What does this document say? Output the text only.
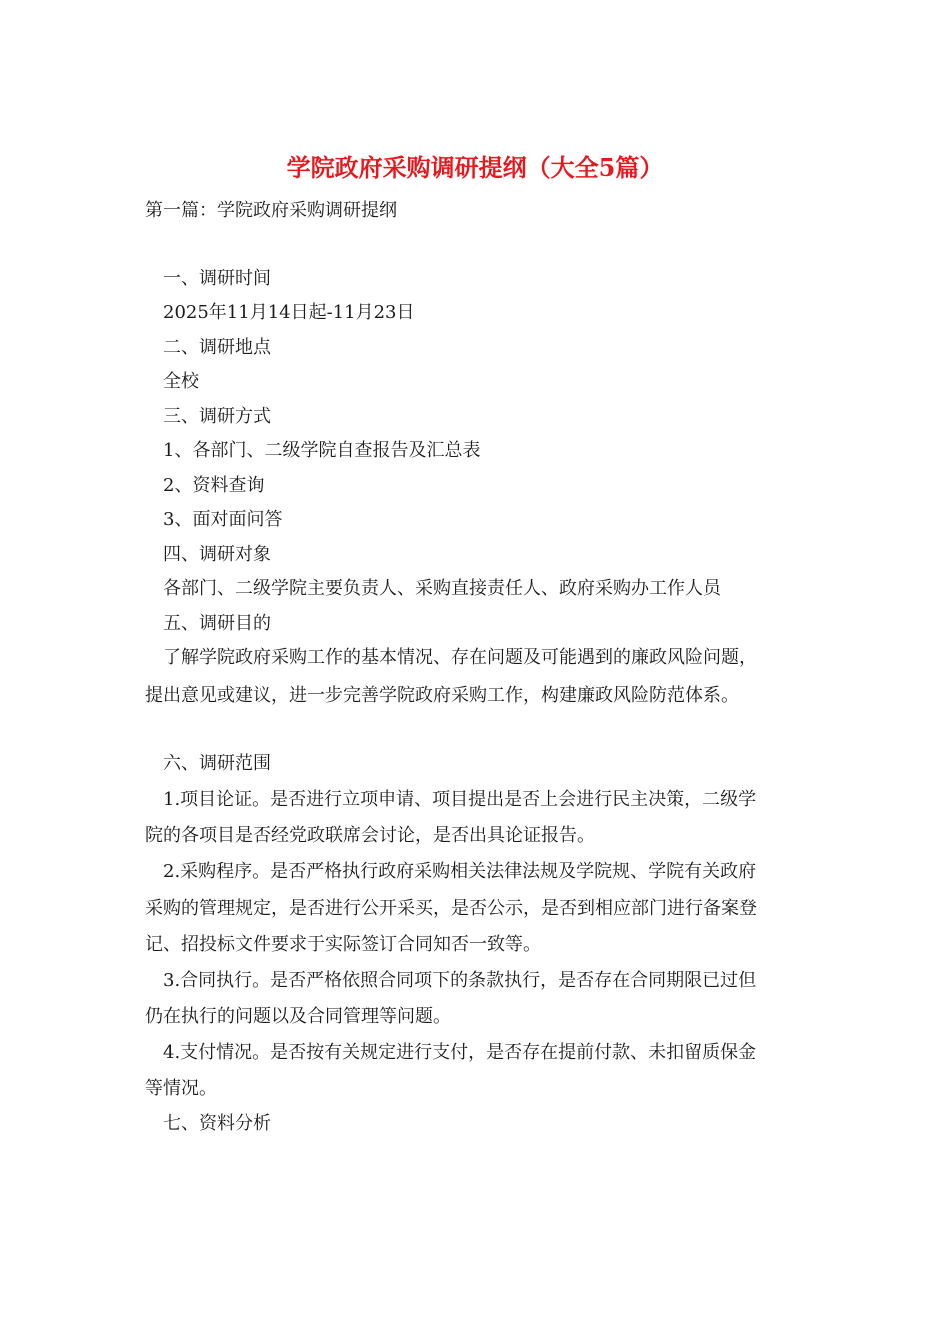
学院政府采购调研提纲（大全5篇）
第一篇：学院政府采购调研提纲
一、调研时间
2025年11月14日起-11月23日
二、调研地点
全校
三、调研方式
1、各部门、二级学院自查报告及汇总表
2、资料查询
3、面对面问答
四、调研对象
各部门、二级学院主要负责人、采购直接责任人、政府采购办工作人员
五、调研目的
了解学院政府采购工作的基本情况、存在问题及可能遇到的廉政风险问题，
提出意见或建议，进一步完善学院政府采购工作，构建廉政风险防范体系。
六、调研范围
1.项目论证。是否进行立项申请、项目提出是否上会进行民主决策，二级学
院的各项目是否经党政联席会讨论，是否出具论证报告。
2.采购程序。是否严格执行政府采购相关法律法规及学院规、学院有关政府
采购的管理规定，是否进行公开采买，是否公示，是否到相应部门进行备案登
记、招投标文件要求于实际签订合同知否一致等。
3.合同执行。是否严格依照合同项下的条款执行，是否存在合同期限已过但
仍在执行的问题以及合同管理等问题。
4.支付情况。是否按有关规定进行支付，是否存在提前付款、未扣留质保金
等情况。
七、资料分析
